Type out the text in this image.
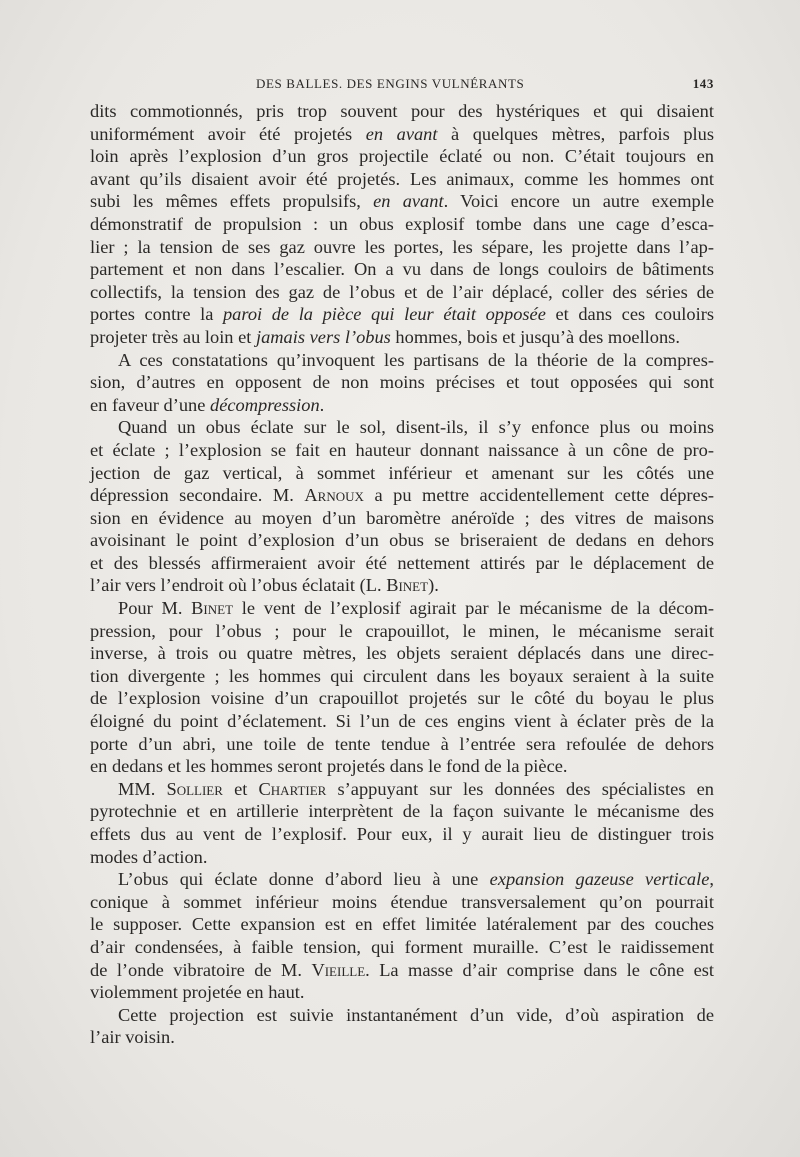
DES BALLES. DES ENGINS VULNÉRANTS	143
dits commotionnés, pris trop souvent pour des hystériques et qui disaient
uniformément avoir été projetés en avant à quelques mètres, parfois plus
loin après l’explosion d’un gros projectile éclaté ou non. C’était toujours en
avant qu’ils disaient avoir été projetés. Les animaux, comme les hommes ont
subi les mêmes effets propulsifs, en avant. Voici encore un autre exemple
démonstratif de propulsion : un obus explosif tombe dans une cage d’esca-
lier ; la tension de ses gaz ouvre les portes, les sépare, les projette dans l’ap-
partement et non dans l’escalier. On a vu dans de longs couloirs de bâtiments
collectifs, la tension des gaz de l’obus et de l’air déplacé, coller des séries de
portes contre la paroi de la pièce qui leur était opposée et dans ces couloirs
projeter très au loin et jamais vers l’obus hommes, bois et jusqu’à des moellons.
A ces constatations qu’invoquent les partisans de la théorie de la compres-
sion, d’autres en opposent de non moins précises et tout opposées qui sont
en faveur d’une décompression.
Quand un obus éclate sur le sol, disent-ils, il s’y enfonce plus ou moins
et éclate ; l’explosion se fait en hauteur donnant naissance à un cône de pro-
jection de gaz vertical, à sommet inférieur et amenant sur les côtés une
dépression secondaire. M. Arnoux a pu mettre accidentellement cette dépres-
sion en évidence au moyen d’un baromètre anéroïde ; des vitres de maisons
avoisinant le point d’explosion d’un obus se briseraient de dedans en dehors
et des blessés affirmeraient avoir été nettement attirés par le déplacement de
l’air vers l’endroit où l’obus éclatait (L. Binet).
Pour M. Binet le vent de l’explosif agirait par le mécanisme de la décom-
pression, pour l’obus ; pour le crapouillot, le minen, le mécanisme serait
inverse, à trois ou quatre mètres, les objets seraient déplacés dans une direc-
tion divergente ; les hommes qui circulent dans les boyaux seraient à la suite
de l’explosion voisine d’un crapouillot projetés sur le côté du boyau le plus
éloigné du point d’éclatement. Si l’un de ces engins vient à éclater près de la
porte d’un abri, une toile de tente tendue à l’entrée sera refoulée de dehors
en dedans et les hommes seront projetés dans le fond de la pièce.
MM. Sollier et Chartier s’appuyant sur les données des spécialistes en
pyrotechnie et en artillerie interprètent de la façon suivante le mécanisme des
effets dus au vent de l’explosif. Pour eux, il y aurait lieu de distinguer trois
modes d’action.
L’obus qui éclate donne d’abord lieu à une expansion gazeuse verticale,
conique à sommet inférieur moins étendue transversalement qu’on pourrait
le supposer. Cette expansion est en effet limitée latéralement par des couches
d’air condensées, à faible tension, qui forment muraille. C’est le raidissement
de l’onde vibratoire de M. Vieille. La masse d’air comprise dans le cône est
violemment projetée en haut.
Cette projection est suivie instantanément d’un vide, d’où aspiration de
l’air voisin.
